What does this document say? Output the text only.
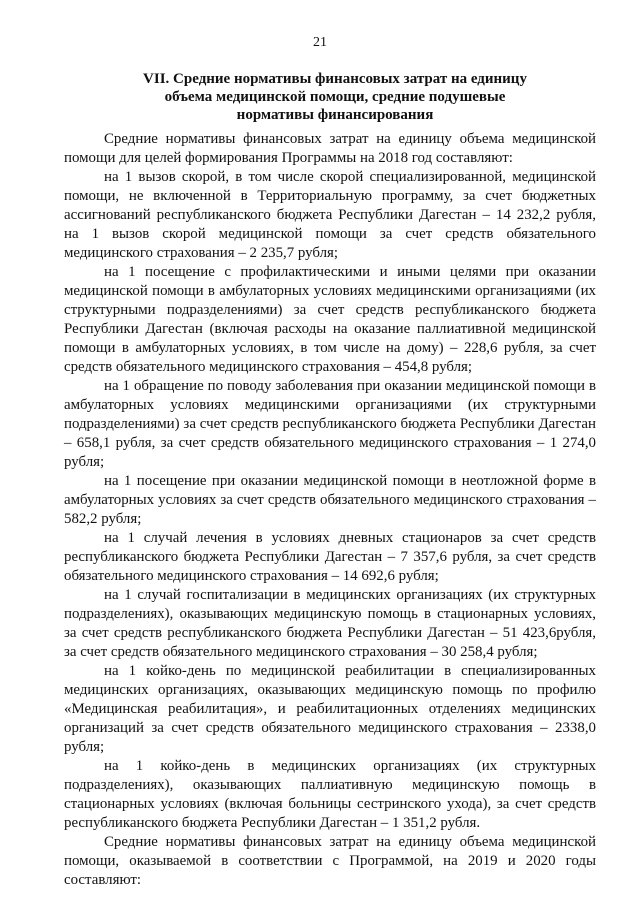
21
VII. Средние нормативы финансовых затрат на единицу
объема медицинской помощи, средние подушевые
нормативы финансирования

Средние нормативы финансовых затрат на единицу объема медицинской помощи для целей формирования Программы на 2018 год составляют:

на 1 вызов скорой, в том числе скорой специализированной, медицинской помощи, не включенной в Территориальную программу, за счет бюджетных ассигнований республиканского бюджета Республики Дагестан – 14 232,2 рубля, на 1 вызов скорой медицинской помощи за счет средств обязательного медицинского страхования – 2 235,7 рубля;

на 1 посещение с профилактическими и иными целями при оказании медицинской помощи в амбулаторных условиях медицинскими организациями (их структурными подразделениями) за счет средств республиканского бюджета Республики Дагестан (включая расходы на оказание паллиативной медицинской помощи в амбулаторных условиях, в том числе на дому) – 228,6 рубля, за счет средств обязательного медицинского страхования – 454,8 рубля;

на 1 обращение по поводу заболевания при оказании медицинской помощи в амбулаторных условиях медицинскими организациями (их структурными подразделениями) за счет средств республиканского бюджета Республики Дагестан – 658,1 рубля, за счет средств обязательного медицинского страхования – 1 274,0 рубля;

на 1 посещение при оказании медицинской помощи в неотложной форме в амбулаторных условиях за счет средств обязательного медицинского страхования – 582,2 рубля;

на 1 случай лечения в условиях дневных стационаров за счет средств республиканского бюджета Республики Дагестан – 7 357,6 рубля, за счет средств обязательного медицинского страхования – 14 692,6 рубля;

на 1 случай госпитализации в медицинских организациях (их структурных подразделениях), оказывающих медицинскую помощь в стационарных условиях, за счет средств республиканского бюджета Республики Дагестан – 51 423,6рубля, за счет средств обязательного медицинского страхования – 30 258,4 рубля;

на 1 койко-день по медицинской реабилитации в специализированных медицинских организациях, оказывающих медицинскую помощь по профилю «Медицинская реабилитация», и реабилитационных отделениях медицинских организаций за счет средств обязательного медицинского страхования – 2338,0 рубля;

на 1 койко-день в медицинских организациях (их структурных подразделениях), оказывающих паллиативную медицинскую помощь в стационарных условиях (включая больницы сестринского ухода), за счет средств республиканского бюджета Республики Дагестан – 1 351,2 рубля.

Средние нормативы финансовых затрат на единицу объема медицинской помощи, оказываемой в соответствии с Программой, на 2019 и 2020 годы составляют:
